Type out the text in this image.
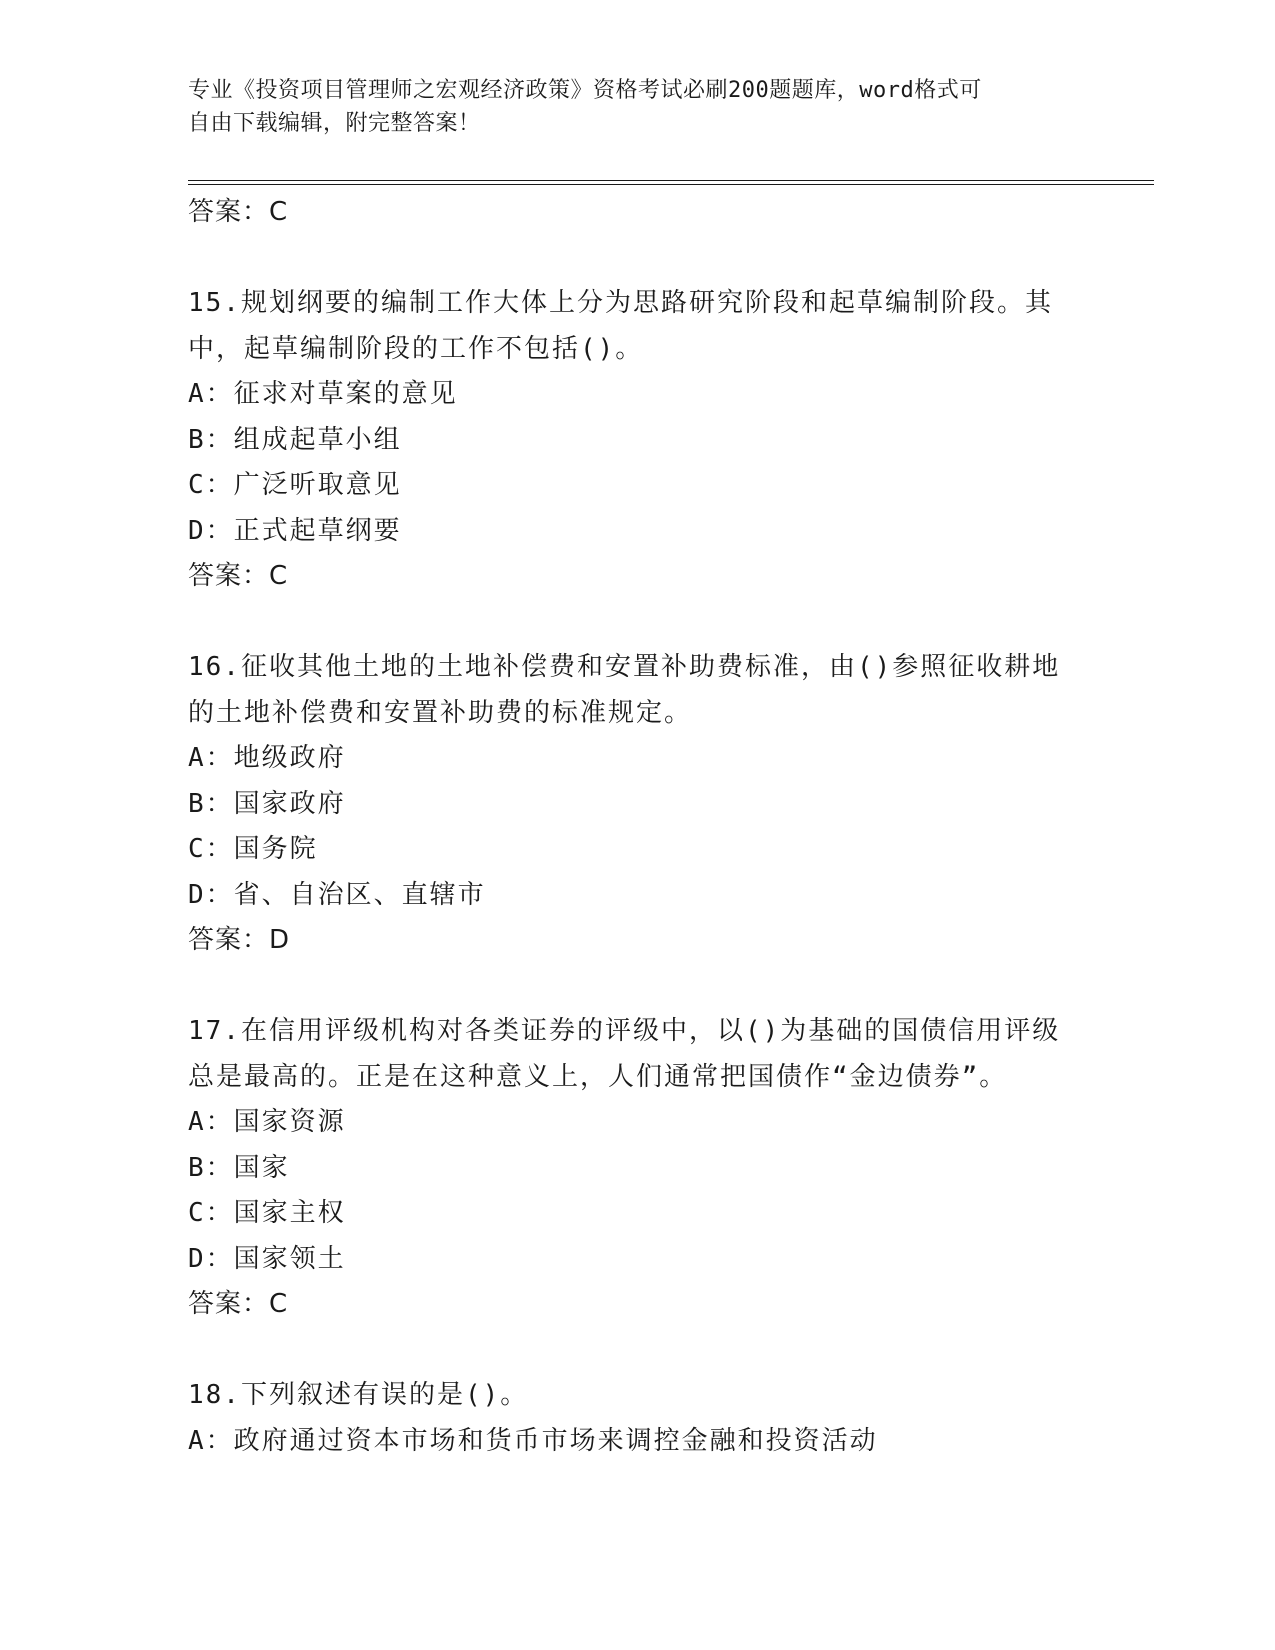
专业《投资项目管理师之宏观经济政策》资格考试必刷200题题库，word格式可
自由下载编辑，附完整答案！
答案：C
15.规划纲要的编制工作大体上分为思路研究阶段和起草编制阶段。其
中，起草编制阶段的工作不包括()。
A：征求对草案的意见
B：组成起草小组
C：广泛听取意见
D：正式起草纲要
答案：C
16.征收其他土地的土地补偿费和安置补助费标准，由()参照征收耕地
的土地补偿费和安置补助费的标准规定。
A：地级政府
B：国家政府
C：国务院
D：省、自治区、直辖市
答案：D
17.在信用评级机构对各类证券的评级中，以()为基础的国债信用评级
总是最高的。正是在这种意义上，人们通常把国债作“金边债券”。
A：国家资源
B：国家
C：国家主权
D：国家领土
答案：C
18.下列叙述有误的是()。
A：政府通过资本市场和货币市场来调控金融和投资活动
